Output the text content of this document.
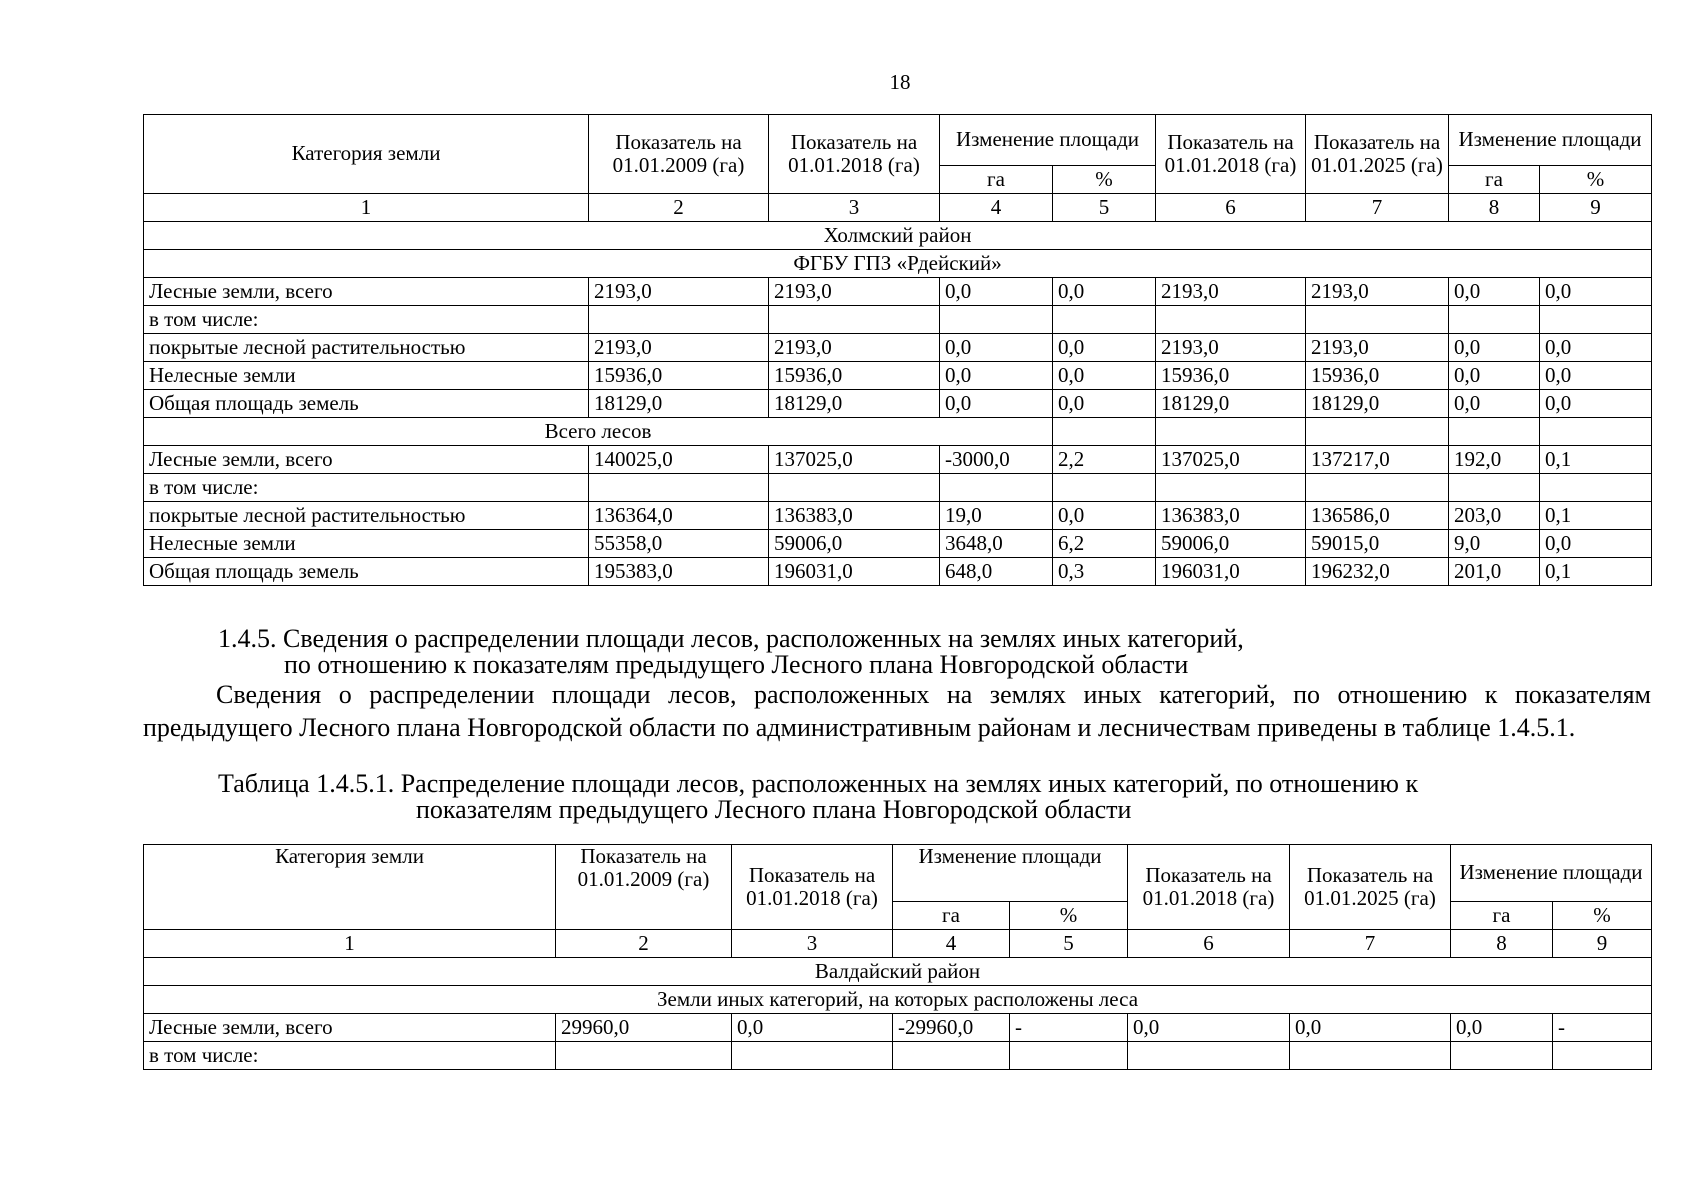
18
Категория земли	Показатель на 01.01.2009 (га)	Показатель на 01.01.2018 (га)	Изменение площади		Показатель на 01.01.2018 (га)	Показатель на 01.01.2025 (га)	Изменение площади	
			га	%			га	%
1	2	3	4	5	6	7	8	9
Холмский район								
ФГБУ ГПЗ «Рдейский»								
Лесные земли, всего	2193,0	2193,0	0,0	0,0	2193,0	2193,0	0,0	0,0
в том числе:								
покрытые лесной растительностью	2193,0	2193,0	0,0	0,0	2193,0	2193,0	0,0	0,0
Нелесные земли	15936,0	15936,0	0,0	0,0	15936,0	15936,0	0,0	0,0
Общая площадь земель	18129,0	18129,0	0,0	0,0	18129,0	18129,0	0,0	0,0
Всего лесов								
Лесные земли, всего	140025,0	137025,0	-3000,0	2,2	137025,0	137217,0	192,0	0,1
в том числе:								
покрытые лесной растительностью	136364,0	136383,0	19,0	0,0	136383,0	136586,0	203,0	0,1
Нелесные земли	55358,0	59006,0	3648,0	6,2	59006,0	59015,0	9,0	0,0
Общая площадь земель	195383,0	196031,0	648,0	0,3	196031,0	196232,0	201,0	0,1
1.4.5. Сведения о распределении площади лесов, расположенных на землях иных категорий,
по отношению к показателям предыдущего Лесного плана Новгородской области
Сведения о распределении площади лесов, расположенных на землях иных категорий, по отношению к показателям предыдущего Лесного плана Новгородской области по административным районам и лесничествам приведены в таблице 1.4.5.1.
Таблица 1.4.5.1. Распределение площади лесов, расположенных на землях иных категорий, по отношению к
показателям предыдущего Лесного плана Новгородской области
Категория земли	Показатель на 01.01.2009 (га)	Показатель на 01.01.2018 (га)	Изменение площади		Показатель на 01.01.2018 (га)	Показатель на 01.01.2025 (га)	Изменение площади	
			га	%			га	%
1	2	3	4	5	6	7	8	9
Валдайский район								
Земли иных категорий, на которых расположены леса								
Лесные земли, всего	29960,0	0,0	-29960,0	-	0,0	0,0	0,0	-
в том числе:								
